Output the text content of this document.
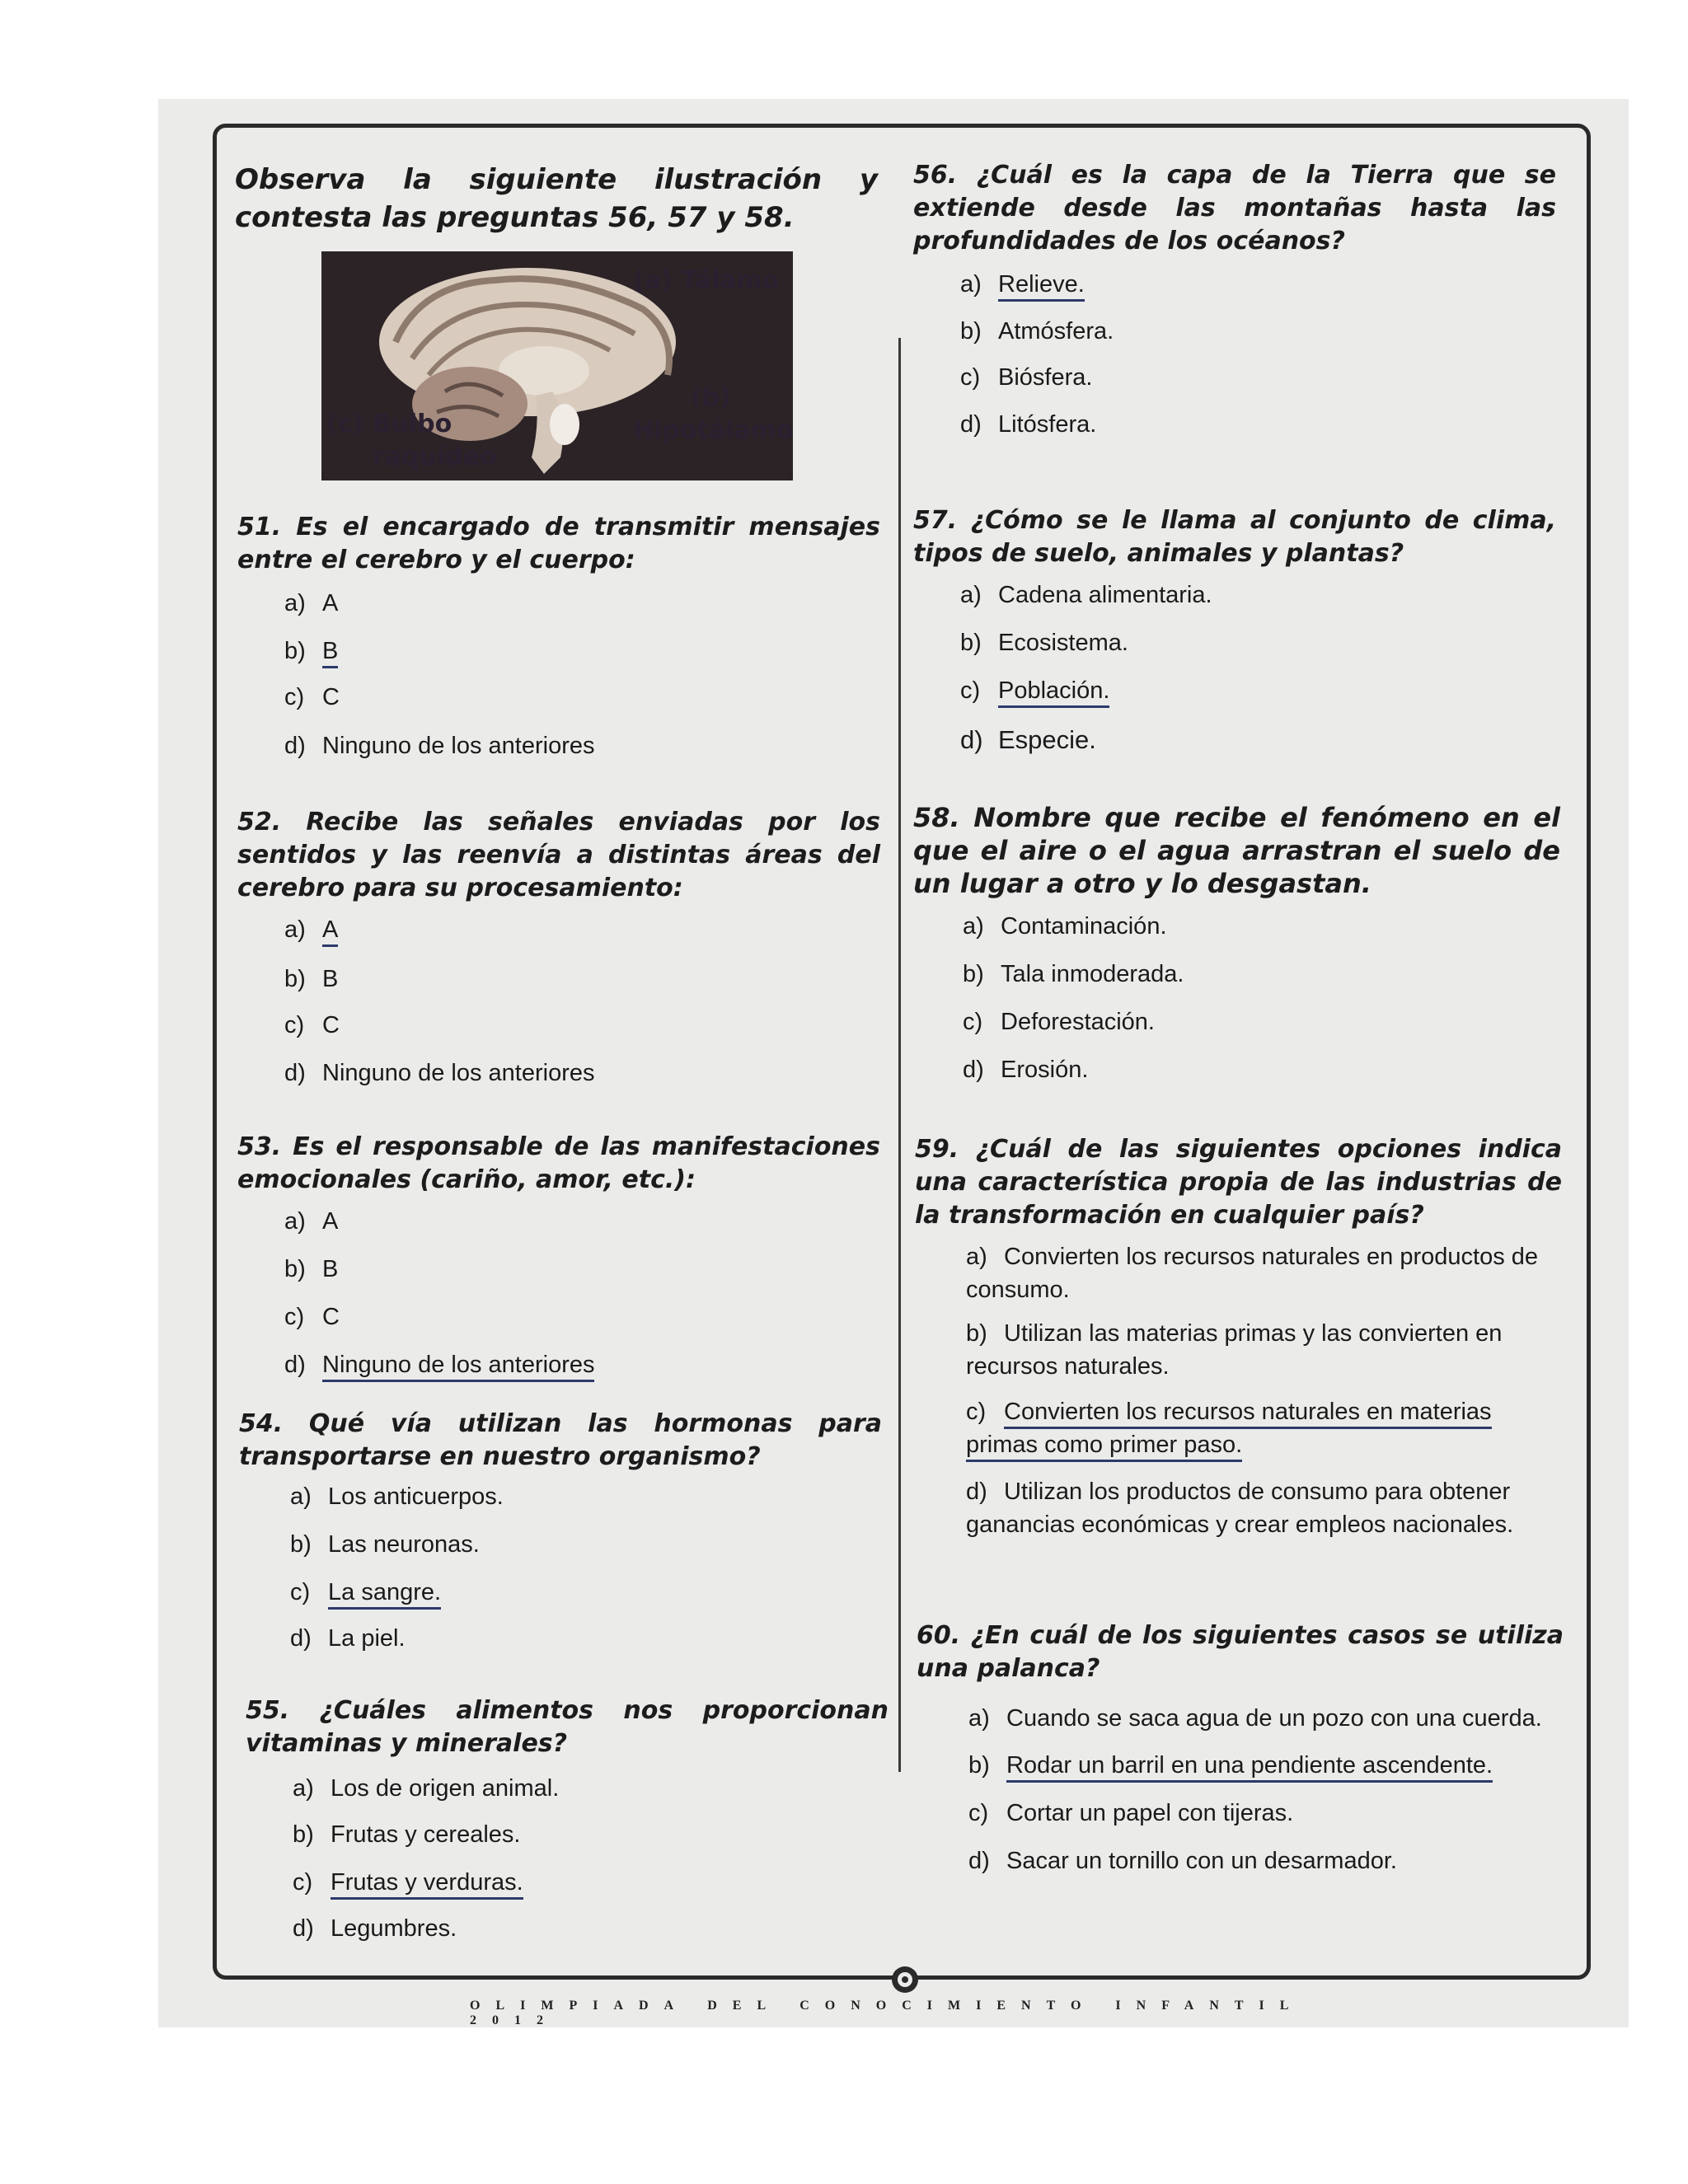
Observa la siguiente ilustración y contesta las preguntas 56, 57 y 58.
(a) Tálamo
(b)
Hipotálamo
(c) Bulbo
raquídeo
51. Es el encargado de transmitir mensajes entre el cerebro y el cuerpo:
a) A
b) B
c) C
d) Ninguno de los anteriores
52. Recibe las señales enviadas por los sentidos y las reenvía a distintas áreas del cerebro para su procesamiento:
a) A
b) B
c) C
d) Ninguno de los anteriores
53. Es el responsable de las manifestaciones emocionales (cariño, amor, etc.):
a) A
b) B
c) C
d) Ninguno de los anteriores
54. Qué vía utilizan las hormonas para transportarse en nuestro organismo?
a) Los anticuerpos.
b) Las neuronas.
c) La sangre.
d) La piel.
55. ¿Cuáles alimentos nos proporcionan vitaminas y minerales?
a) Los de origen animal.
b) Frutas y cereales.
c) Frutas y verduras.
d) Legumbres.
56. ¿Cuál es la capa de la Tierra que se extiende desde las montañas hasta las profundidades de los océanos?
a) Relieve.
b) Atmósfera.
c) Biósfera.
d) Litósfera.
57. ¿Cómo se le llama al conjunto de clima, tipos de suelo, animales y plantas?
a) Cadena alimentaria.
b) Ecosistema.
c) Población.
d) Especie.
58. Nombre que recibe el fenómeno en el que el aire o el agua arrastran el suelo de un lugar a otro y lo desgastan.
a) Contaminación.
b) Tala inmoderada.
c) Deforestación.
d) Erosión.
59. ¿Cuál de las siguientes opciones indica una característica propia de las industrias de la transformación en cualquier país?
a) Convierten los recursos naturales en productos de consumo.
b) Utilizan las materias primas y las convierten en recursos naturales.
c) Convierten los recursos naturales en materias primas como primer paso.
d) Utilizan los productos de consumo para obtener ganancias económicas y crear empleos nacionales.
60. ¿En cuál de los siguientes casos se utiliza una palanca?
a) Cuando se saca agua de un pozo con una cuerda.
b) Rodar un barril en una pendiente ascendente.
c) Cortar un papel con tijeras.
d) Sacar un tornillo con un desarmador.
OLIMPIADA DEL CONOCIMIENTO INFANTIL 2012
